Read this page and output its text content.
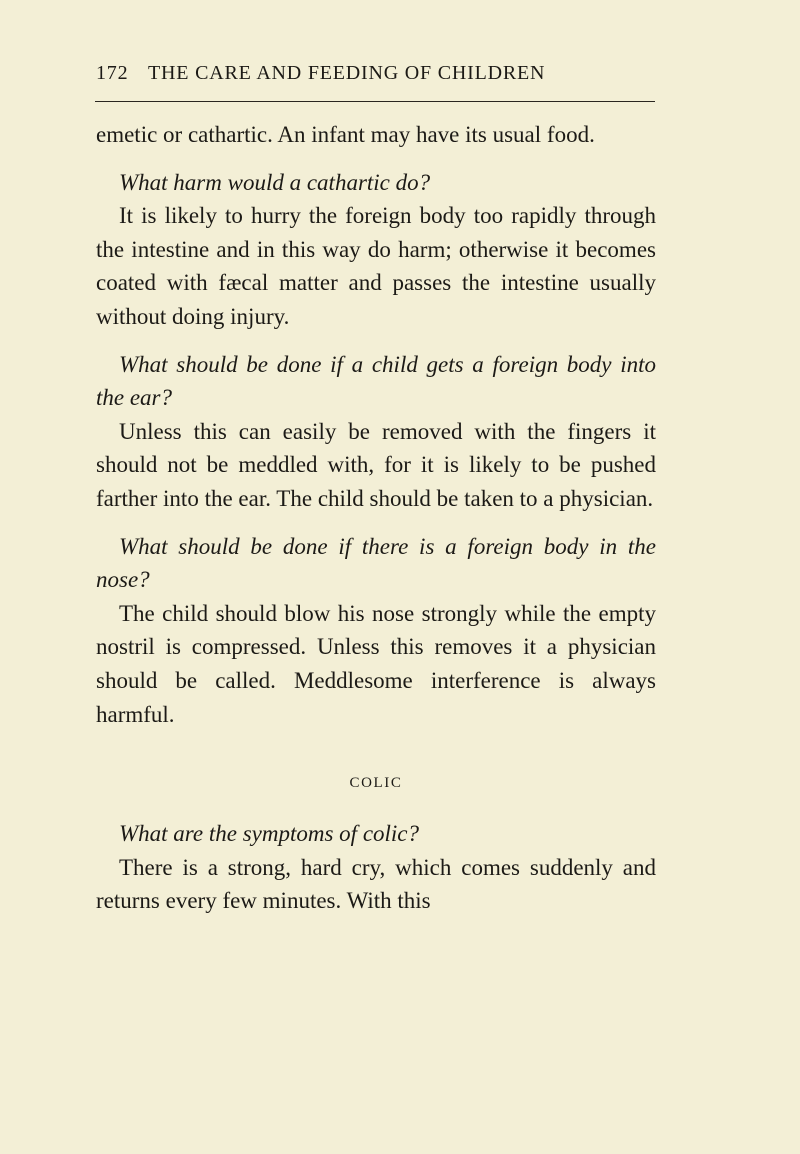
172 THE CARE AND FEEDING OF CHILDREN

emetic or cathartic. An infant may have its usual food.

What harm would a cathartic do?

It is likely to hurry the foreign body too rapidly through the intestine and in this way do harm; otherwise it becomes coated with fæcal matter and passes the intestine usually without doing injury.

What should be done if a child gets a foreign body into the ear?

Unless this can easily be removed with the fingers it should not be meddled with, for it is likely to be pushed farther into the ear. The child should be taken to a physician.

What should be done if there is a foreign body in the nose?

The child should blow his nose strongly while the empty nostril is compressed. Unless this removes it a physician should be called. Meddlesome interference is always harmful.

COLIC

What are the symptoms of colic?

There is a strong, hard cry, which comes suddenly and returns every few minutes. With this
